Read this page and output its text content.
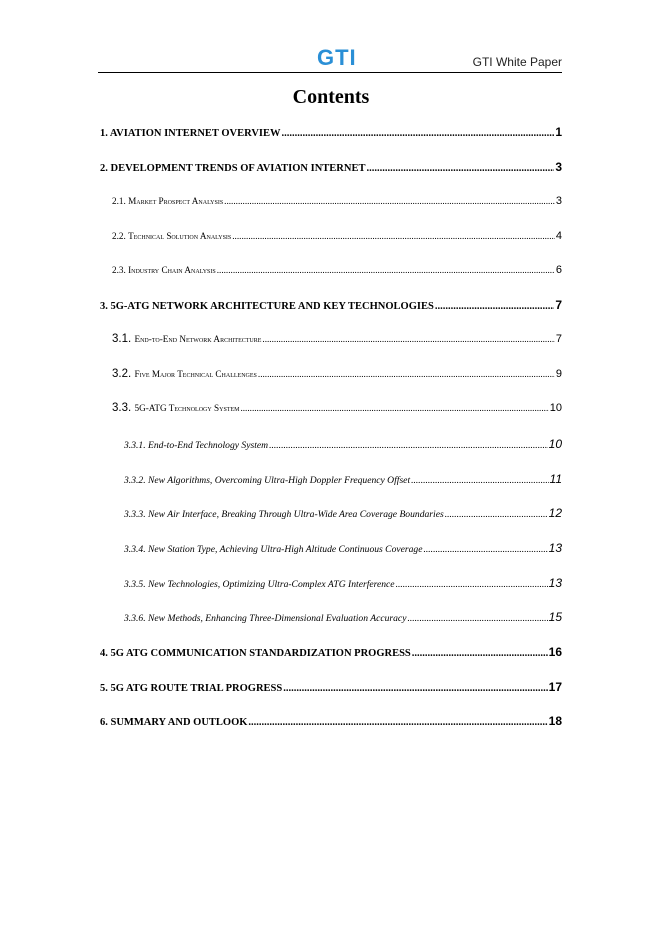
GTI	GTI White Paper
Contents
1. AVIATION INTERNET OVERVIEW .....	1
2. DEVELOPMENT TRENDS OF AVIATION INTERNET .....	3
2.1. Market Prospect Analysis .....	3
2.2. Technical Solution Analysis .....	4
2.3. Industry Chain Analysis .....	6
3. 5G-ATG NETWORK ARCHITECTURE AND KEY TECHNOLOGIES .....	7
3.1. End-to-End Network Architecture .....	7
3.2. Five Major Technical Challenges .....	9
3.3. 5G-ATG Technology System .....	10
3.3.1. End-to-End Technology System .....	10
3.3.2. New Algorithms, Overcoming Ultra-High Doppler Frequency Offset .....	11
3.3.3. New Air Interface, Breaking Through Ultra-Wide Area Coverage Boundaries .....	12
3.3.4. New Station Type, Achieving Ultra-High Altitude Continuous Coverage .....	13
3.3.5. New Technologies, Optimizing Ultra-Complex ATG Interference .....	13
3.3.6. New Methods, Enhancing Three-Dimensional Evaluation Accuracy .....	15
4. 5G ATG COMMUNICATION STANDARDIZATION PROGRESS .....	16
5. 5G ATG ROUTE TRIAL PROGRESS .....	17
6. SUMMARY AND OUTLOOK .....	18
